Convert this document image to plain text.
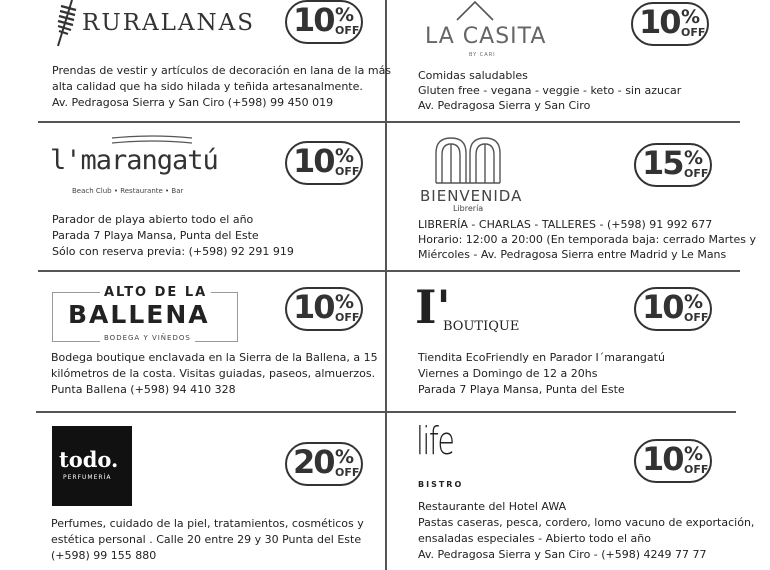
RURALANAS 10 %
OFF
Prendas de vestir y artículos de decoración en lana de la más
alta calidad que ha sido hilada y teñida artesanalmente.
Av. Pedragosa Sierra y San Ciro (+598) 99 450 019
LA CASITA
BY CARI
10 %
OFF
Comidas saludables
Gluten free - vegana - veggie - keto - sin azucar
Av. Pedragosa Sierra y San Ciro
l'marangatú
Beach Club • Restaurante • Bar
10 %
OFF
Parador de playa abierto todo el año
Parada 7 Playa Mansa, Punta del Este
Sólo con reserva previa: (+598) 92 291 919
BIENVENIDA
Librería
15 %
OFF
LIBRERÍA - CHARLAS - TALLERES - (+598) 91 992 677
Horario: 12:00 a 20:00 (En temporada baja: cerrado Martes y
Miércoles - Av. Pedragosa Sierra entre Madrid y Le Mans
ALTO DE LA
BALLENA
BODEGA Y VIÑEDOS
10 %
OFF
Bodega boutique enclavada en la Sierra de la Ballena, a 15
kilómetros de la costa. Visitas guiadas, paseos, almuerzos.
Punta Ballena (+598) 94 410 328
I'
BOUTIQUE
10 %
OFF
Tiendita EcoFriendly en Parador I´marangatú
Viernes a Domingo de 12 a 20hs
Parada 7 Playa Mansa, Punta del Este
todo.
PERFUMERÍA	20 %
OFF
Perfumes, cuidado de la piel, tratamientos, cosméticos y
estética personal . Calle 20 entre 29 y 30 Punta del Este
(+598) 99 155 880
life
BISTRO
10 %
OFF
Restaurante del Hotel AWA
Pastas caseras, pesca, cordero, lomo vacuno de exportación,
ensaladas especiales - Abierto todo el año
Av. Pedragosa Sierra y San Ciro - (+598) 4249 77 77
